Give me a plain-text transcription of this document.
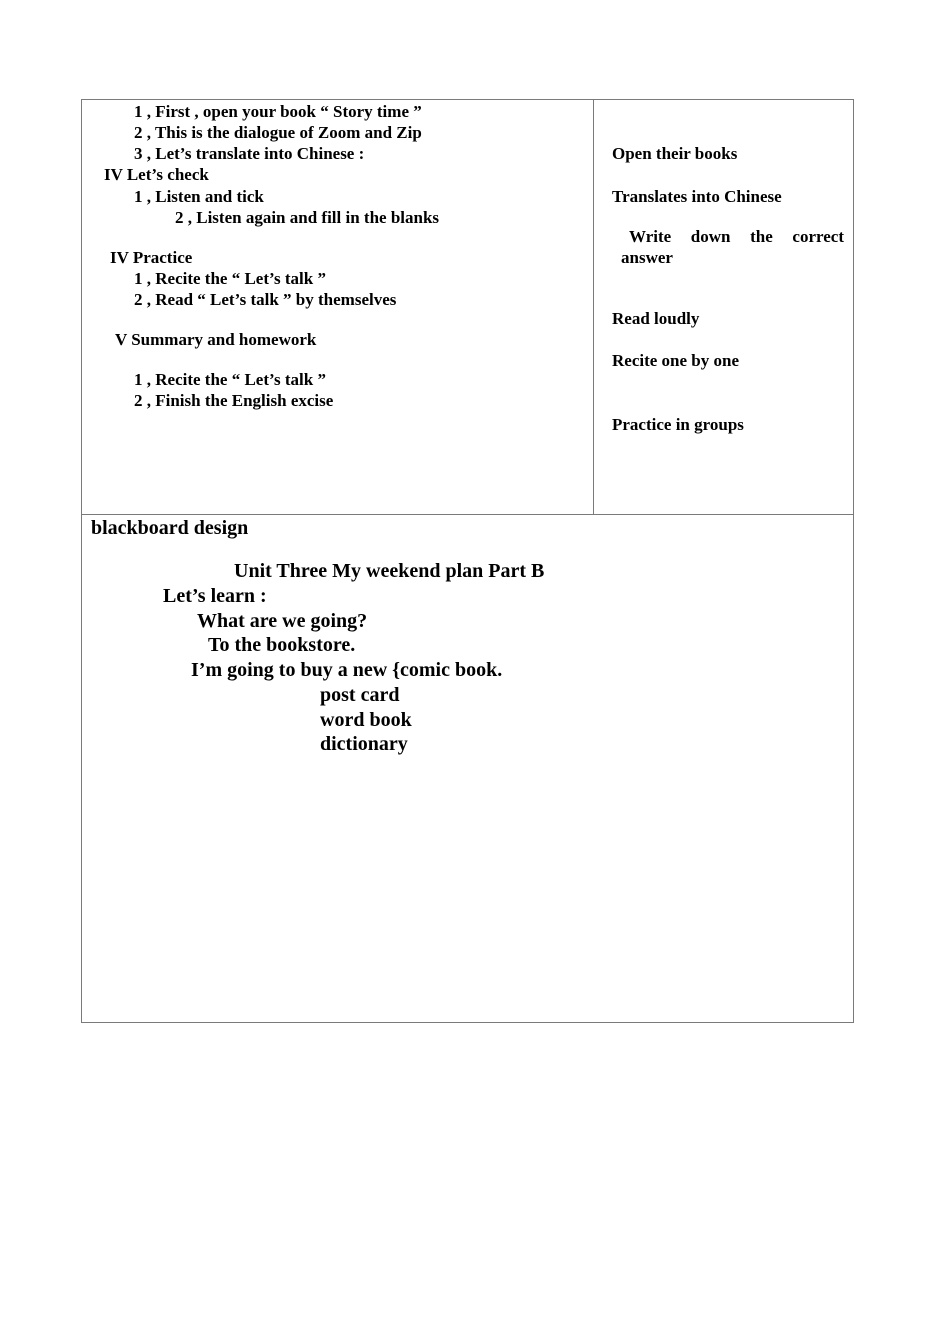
1 , First , open your book “ Story time ”
2 , This is the dialogue of Zoom and Zip
3 , Let’s translate into Chinese :
IV Let’s check
1 , Listen and tick
2 , Listen again and fill in the blanks
IV Practice
1 , Recite the “ Let’s talk ”
2 , Read “ Let’s talk ” by themselves
V Summary and homework
1 , Recite the “ Let’s talk ”
2 , Finish the English excise
Open their books
Translates into Chinese
Write down the correct
answer
Read loudly
Recite one by one
Practice in groups
blackboard design
Unit Three My weekend plan Part B
Let’s learn :
What are we going?
To the bookstore.
I’m going to buy a new {comic book.
post card
word book
dictionary
